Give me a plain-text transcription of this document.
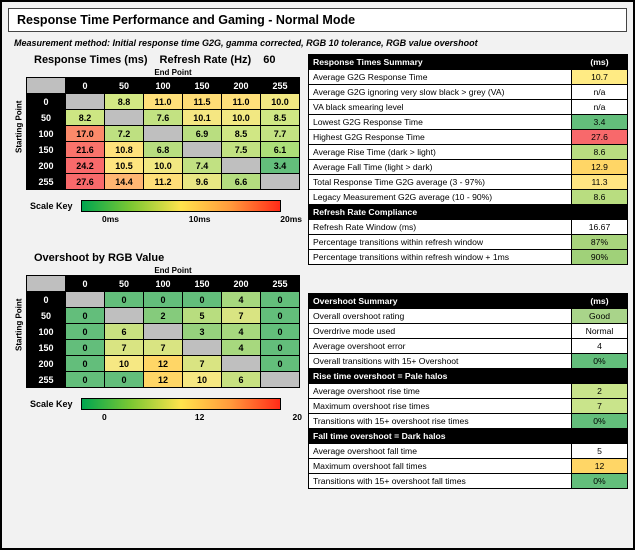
Response Time Performance and Gaming - Normal Mode
Measurement method: Initial response time G2G, gamma corrected, RGB 10 tolerance, RGB value overshoot
Response Times (ms) Refresh Rate (Hz) 60
End Point
Starting Point
	0	50	100	150	200	255
0		8.8	11.0	11.5	11.0	10.0
50	8.2		7.6	10.1	10.0	8.5
100	17.0	7.2		6.9	8.5	7.7
150	21.6	10.8	6.8		7.5	6.1
200	24.2	10.5	10.0	7.4		3.4
255	27.6	14.4	11.2	9.6	6.6	
Scale Key
0ms	10ms	20ms
Overshoot by RGB Value
End Point
Starting Point
	0	50	100	150	200	255
0		0	0	0	4	0
50	0		2	5	7	0
100	0	6		3	4	0
150	0	7	7		4	0
200	0	10	12	7		0
255	0	0	12	10	6	
Scale Key
0	12	20
Response Times Summary	(ms)
Average G2G Response Time	10.7
Average G2G ignoring very slow black > grey (VA)	n/a
VA black smearing level	n/a
Lowest G2G Response Time	3.4
Highest G2G Response Time	27.6
Average Rise Time (dark > light)	8.6
Average Fall Time (light > dark)	12.9
Total Response Time G2G average (3 - 97%)	11.3
Legacy Measurement G2G average (10 - 90%)	8.6
Refresh Rate Compliance	
Refresh Rate Window (ms)	16.67
Percentage transitions within refresh window	87%
Percentage transitions within refresh window + 1ms	90%
Overshoot Summary	(ms)
Overall overshoot rating	Good
Overdrive mode used	Normal
Average overshoot error	4
Overall transitions with 15+ Overshoot	0%
Rise time overshoot = Pale halos	
Average overshoot rise time	2
Maximum overshoot rise times	7
Transitions with 15+ overshoot rise times	0%
Fall time overshoot = Dark halos	
Average overshoot fall time	5
Maximum overshoot fall times	12
Transitions with 15+ overshoot fall times	0%
